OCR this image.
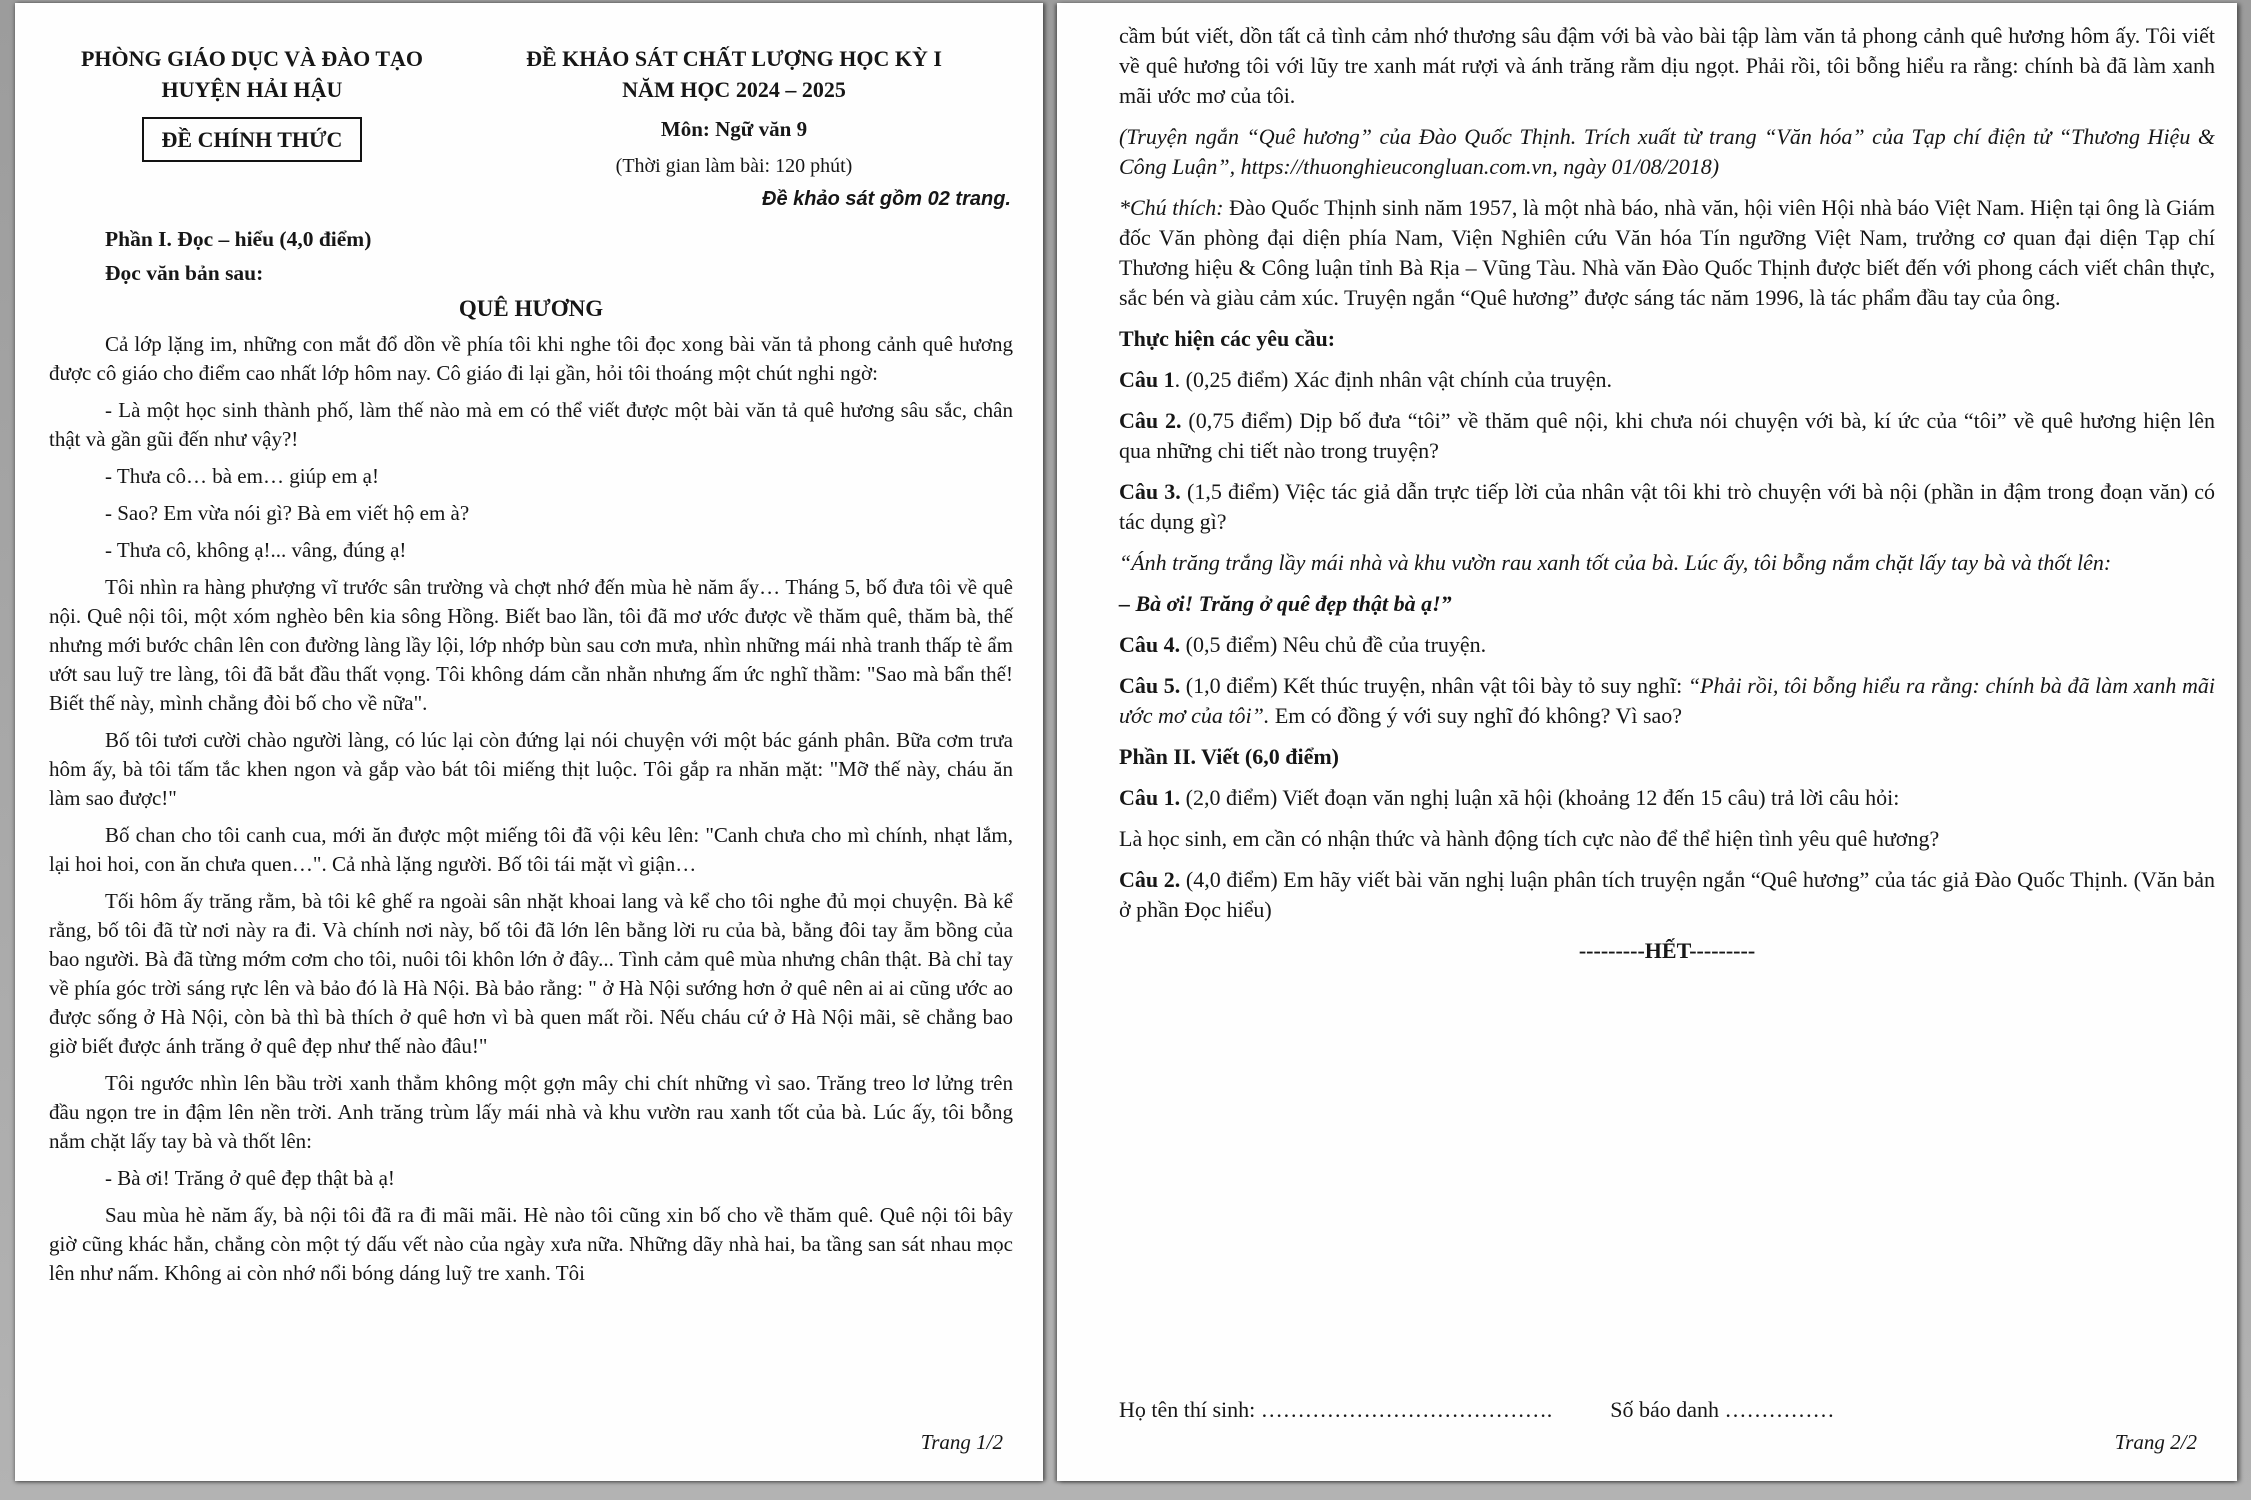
PHÒNG GIÁO DỤC VÀ ĐÀO TẠO
HUYỆN HẢI HẬU
ĐỀ CHÍNH THỨC
ĐỀ KHẢO SÁT CHẤT LƯỢNG HỌC KỲ I
NĂM HỌC 2024 – 2025
Môn: Ngữ văn 9
(Thời gian làm bài: 120 phút)
Đề khảo sát gồm 02 trang.
Phần I. Đọc – hiểu (4,0 điểm)
Đọc văn bản sau:
QUÊ HƯƠNG

Cả lớp lặng im, những con mắt đổ dồn về phía tôi khi nghe tôi đọc xong bài văn tả phong cảnh quê hương được cô giáo cho điểm cao nhất lớp hôm nay. Cô giáo đi lại gần, hỏi tôi thoáng một chút nghi ngờ:

- Là một học sinh thành phố, làm thế nào mà em có thể viết được một bài văn tả quê hương sâu sắc, chân thật và gần gũi đến như vậy?!

- Thưa cô… bà em… giúp em ạ!

- Sao? Em vừa nói gì? Bà em viết hộ em à?

- Thưa cô, không ạ!... vâng, đúng ạ!

Tôi nhìn ra hàng phượng vĩ trước sân trường và chợt nhớ đến mùa hè năm ấy… Tháng 5, bố đưa tôi về quê nội. Quê nội tôi, một xóm nghèo bên kia sông Hồng. Biết bao lần, tôi đã mơ ước được về thăm quê, thăm bà, thế nhưng mới bước chân lên con đường làng lầy lội, lớp nhớp bùn sau cơn mưa, nhìn những mái nhà tranh thấp tè ẩm ướt sau luỹ tre làng, tôi đã bắt đầu thất vọng. Tôi không dám cằn nhằn nhưng ấm ức nghĩ thầm: "Sao mà bẩn thế! Biết thế này, mình chẳng đòi bố cho về nữa".

Bố tôi tươi cười chào người làng, có lúc lại còn đứng lại nói chuyện với một bác gánh phân. Bữa cơm trưa hôm ấy, bà tôi tấm tắc khen ngon và gắp vào bát tôi miếng thịt luộc. Tôi gắp ra nhăn mặt: "Mỡ thế này, cháu ăn làm sao được!"

Bố chan cho tôi canh cua, mới ăn được một miếng tôi đã vội kêu lên: "Canh chưa cho mì chính, nhạt lắm, lại hoi hoi, con ăn chưa quen…". Cả nhà lặng người. Bố tôi tái mặt vì giận…

Tối hôm ấy trăng rằm, bà tôi kê ghế ra ngoài sân nhặt khoai lang và kể cho tôi nghe đủ mọi chuyện. Bà kể rằng, bố tôi đã từ nơi này ra đi. Và chính nơi này, bố tôi đã lớn lên bằng lời ru của bà, bằng đôi tay ẵm bồng của bao người. Bà đã từng mớm cơm cho tôi, nuôi tôi khôn lớn ở đây... Tình cảm quê mùa nhưng chân thật. Bà chỉ tay về phía góc trời sáng rực lên và bảo đó là Hà Nội. Bà bảo rằng: " ở Hà Nội sướng hơn ở quê nên ai ai cũng ước ao được sống ở Hà Nội, còn bà thì bà thích ở quê hơn vì bà quen mất rồi. Nếu cháu cứ ở Hà Nội mãi, sẽ chẳng bao giờ biết được ánh trăng ở quê đẹp như thế nào đâu!"

Tôi ngước nhìn lên bầu trời xanh thẳm không một gợn mây chi chít những vì sao. Trăng treo lơ lửng trên đầu ngọn tre in đậm lên nền trời. Anh trăng trùm lấy mái nhà và khu vườn rau xanh tốt của bà. Lúc ấy, tôi bỗng nắm chặt lấy tay bà và thốt lên:

- Bà ơi! Trăng ở quê đẹp thật bà ạ!

Sau mùa hè năm ấy, bà nội tôi đã ra đi mãi mãi. Hè nào tôi cũng xin bố cho về thăm quê. Quê nội tôi bây giờ cũng khác hẳn, chẳng còn một tý dấu vết nào của ngày xưa nữa. Những dãy nhà hai, ba tầng san sát nhau mọc lên như nấm. Không ai còn nhớ nổi bóng dáng luỹ tre xanh. Tôi

Trang 1/2

cầm bút viết, dồn tất cả tình cảm nhớ thương sâu đậm với bà vào bài tập làm văn tả phong cảnh quê hương hôm ấy. Tôi viết về quê hương tôi với lũy tre xanh mát rượi và ánh trăng rằm dịu ngọt. Phải rồi, tôi bỗng hiểu ra rằng: chính bà đã làm xanh mãi ước mơ của tôi.

(Truyện ngắn “Quê hương” của Đào Quốc Thịnh. Trích xuất từ trang “Văn hóa” của Tạp chí điện tử “Thương Hiệu & Công Luận”, https://thuonghieucongluan.com.vn, ngày 01/08/2018)

*Chú thích: Đào Quốc Thịnh sinh năm 1957, là một nhà báo, nhà văn, hội viên Hội nhà báo Việt Nam. Hiện tại ông là Giám đốc Văn phòng đại diện phía Nam, Viện Nghiên cứu Văn hóa Tín ngưỡng Việt Nam, trưởng cơ quan đại diện Tạp chí Thương hiệu & Công luận tỉnh Bà Rịa – Vũng Tàu. Nhà văn Đào Quốc Thịnh được biết đến với phong cách viết chân thực, sắc bén và giàu cảm xúc. Truyện ngắn “Quê hương” được sáng tác năm 1996, là tác phẩm đầu tay của ông.

Thực hiện các yêu cầu:

Câu 1. (0,25 điểm) Xác định nhân vật chính của truyện.

Câu 2. (0,75 điểm) Dịp bố đưa “tôi” về thăm quê nội, khi chưa nói chuyện với bà, kí ức của “tôi” về quê hương hiện lên qua những chi tiết nào trong truyện?

Câu 3. (1,5 điểm) Việc tác giả dẫn trực tiếp lời của nhân vật tôi khi trò chuyện với bà nội (phần in đậm trong đoạn văn) có tác dụng gì?

“Ánh trăng trắng lầy mái nhà và khu vườn rau xanh tốt của bà. Lúc ấy, tôi bỗng nắm chặt lấy tay bà và thốt lên:

– Bà ơi! Trăng ở quê đẹp thật bà ạ!”

Câu 4. (0,5 điểm) Nêu chủ đề của truyện.

Câu 5. (1,0 điểm) Kết thúc truyện, nhân vật tôi bày tỏ suy nghĩ: “Phải rồi, tôi bỗng hiểu ra rằng: chính bà đã làm xanh mãi ước mơ của tôi”. Em có đồng ý với suy nghĩ đó không? Vì sao?

Phần II. Viết (6,0 điểm)

Câu 1. (2,0 điểm) Viết đoạn văn nghị luận xã hội (khoảng 12 đến 15 câu) trả lời câu hỏi:

Là học sinh, em cần có nhận thức và hành động tích cực nào để thể hiện tình yêu quê hương?

Câu 2. (4,0 điểm) Em hãy viết bài văn nghị luận phân tích truyện ngắn “Quê hương” của tác giả Đào Quốc Thịnh. (Văn bản ở phần Đọc hiểu)

---------HẾT---------
Họ tên thí sinh: ………………………………….	Số báo danh ……………
Trang 2/2
